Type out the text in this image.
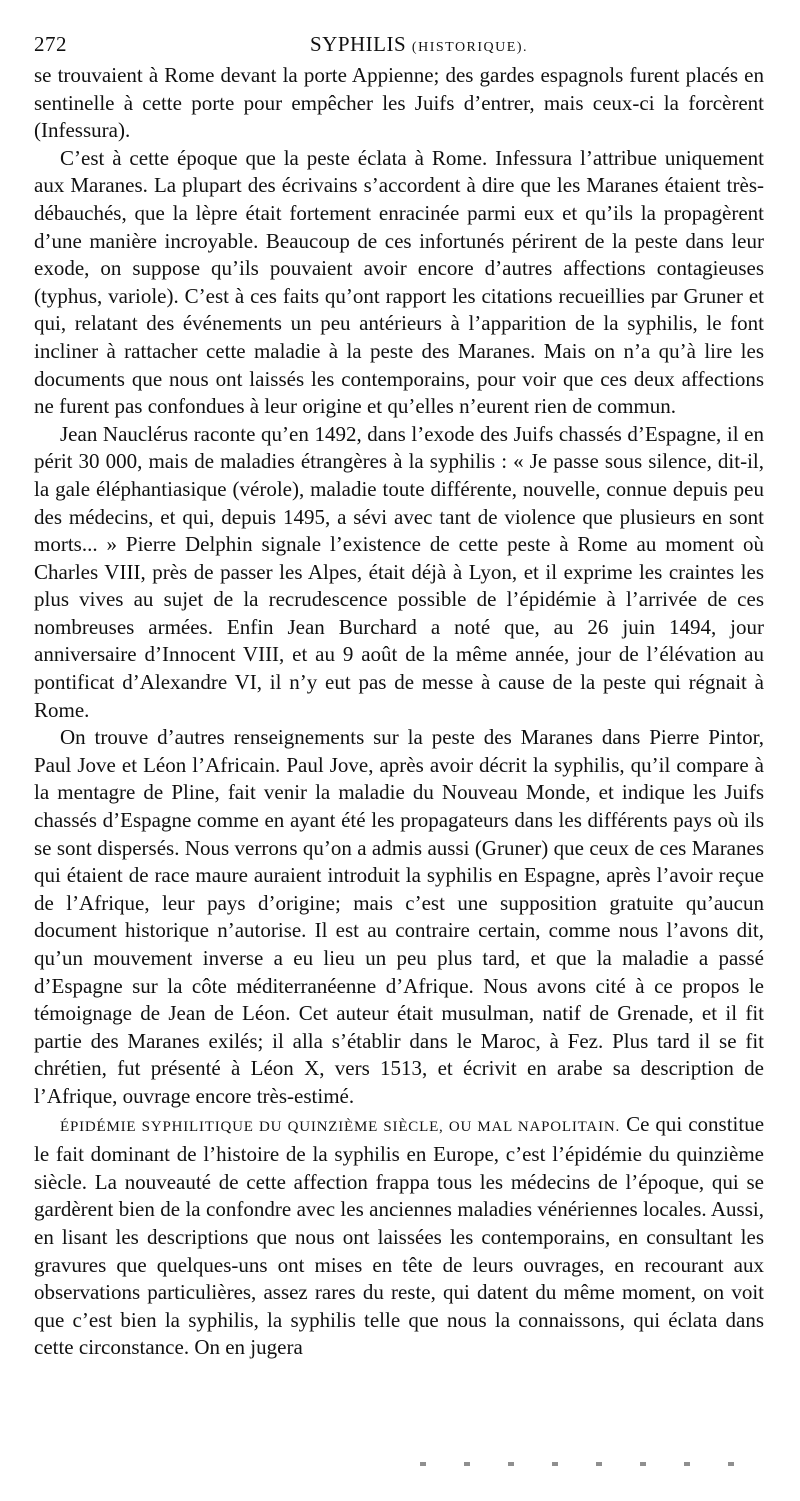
272	SYPHILIS (HISTORIQUE).

se trouvaient à Rome devant la porte Appienne; des gardes espagnols furent placés en sentinelle à cette porte pour empêcher les Juifs d’entrer, mais ceux-ci la forcèrent (Infessura).

C’est à cette époque que la peste éclata à Rome. Infessura l’attribue uniquement aux Maranes. La plupart des écrivains s’accordent à dire que les Maranes étaient très-débauchés, que la lèpre était fortement enracinée parmi eux et qu’ils la propagèrent d’une manière incroyable. Beaucoup de ces infortunés périrent de la peste dans leur exode, on suppose qu’ils pouvaient avoir encore d’autres affections contagieuses (typhus, variole). C’est à ces faits qu’ont rapport les citations recueillies par Gruner et qui, relatant des événements un peu antérieurs à l’apparition de la syphilis, le font incliner à rattacher cette maladie à la peste des Maranes. Mais on n’a qu’à lire les documents que nous ont laissés les contemporains, pour voir que ces deux affections ne furent pas confondues à leur origine et qu’elles n’eurent rien de commun.

Jean Nauclérus raconte qu’en 1492, dans l’exode des Juifs chassés d’Espagne, il en périt 30 000, mais de maladies étrangères à la syphilis : « Je passe sous silence, dit-il, la gale éléphantiasique (vérole), maladie toute différente, nouvelle, connue depuis peu des médecins, et qui, depuis 1495, a sévi avec tant de violence que plusieurs en sont morts... » Pierre Delphin signale l’existence de cette peste à Rome au moment où Charles VIII, près de passer les Alpes, était déjà à Lyon, et il exprime les craintes les plus vives au sujet de la recrudescence possible de l’épidémie à l’arrivée de ces nombreuses armées. Enfin Jean Burchard a noté que, au 26 juin 1494, jour anniversaire d’Innocent VIII, et au 9 août de la même année, jour de l’élévation au pontificat d’Alexandre VI, il n’y eut pas de messe à cause de la peste qui régnait à Rome.

On trouve d’autres renseignements sur la peste des Maranes dans Pierre Pintor, Paul Jove et Léon l’Africain. Paul Jove, après avoir décrit la syphilis, qu’il compare à la mentagre de Pline, fait venir la maladie du Nouveau Monde, et indique les Juifs chassés d’Espagne comme en ayant été les propagateurs dans les différents pays où ils se sont dispersés. Nous verrons qu’on a admis aussi (Gruner) que ceux de ces Maranes qui étaient de race maure auraient introduit la syphilis en Espagne, après l’avoir reçue de l’Afrique, leur pays d’origine; mais c’est une supposition gratuite qu’aucun document historique n’autorise. Il est au contraire certain, comme nous l’avons dit, qu’un mouvement inverse a eu lieu un peu plus tard, et que la maladie a passé d’Espagne sur la côte méditerranéenne d’Afrique. Nous avons cité à ce propos le témoignage de Jean de Léon. Cet auteur était musulman, natif de Grenade, et il fit partie des Maranes exilés; il alla s’établir dans le Maroc, à Fez. Plus tard il se fit chrétien, fut présenté à Léon X, vers 1513, et écrivit en arabe sa description de l’Afrique, ouvrage encore très-estimé.

ÉPIDÉMIE SYPHILITIQUE DU QUINZIÈME SIÈCLE, OU MAL NAPOLITAIN. Ce qui constitue le fait dominant de l’histoire de la syphilis en Europe, c’est l’épidémie du quinzième siècle. La nouveauté de cette affection frappa tous les médecins de l’époque, qui se gardèrent bien de la confondre avec les anciennes maladies vénériennes locales. Aussi, en lisant les descriptions que nous ont laissées les contemporains, en consultant les gravures que quelques-uns ont mises en tête de leurs ouvrages, en recourant aux observations particulières, assez rares du reste, qui datent du même moment, on voit que c’est bien la syphilis, la syphilis telle que nous la connaissons, qui éclata dans cette circonstance. On en jugera
